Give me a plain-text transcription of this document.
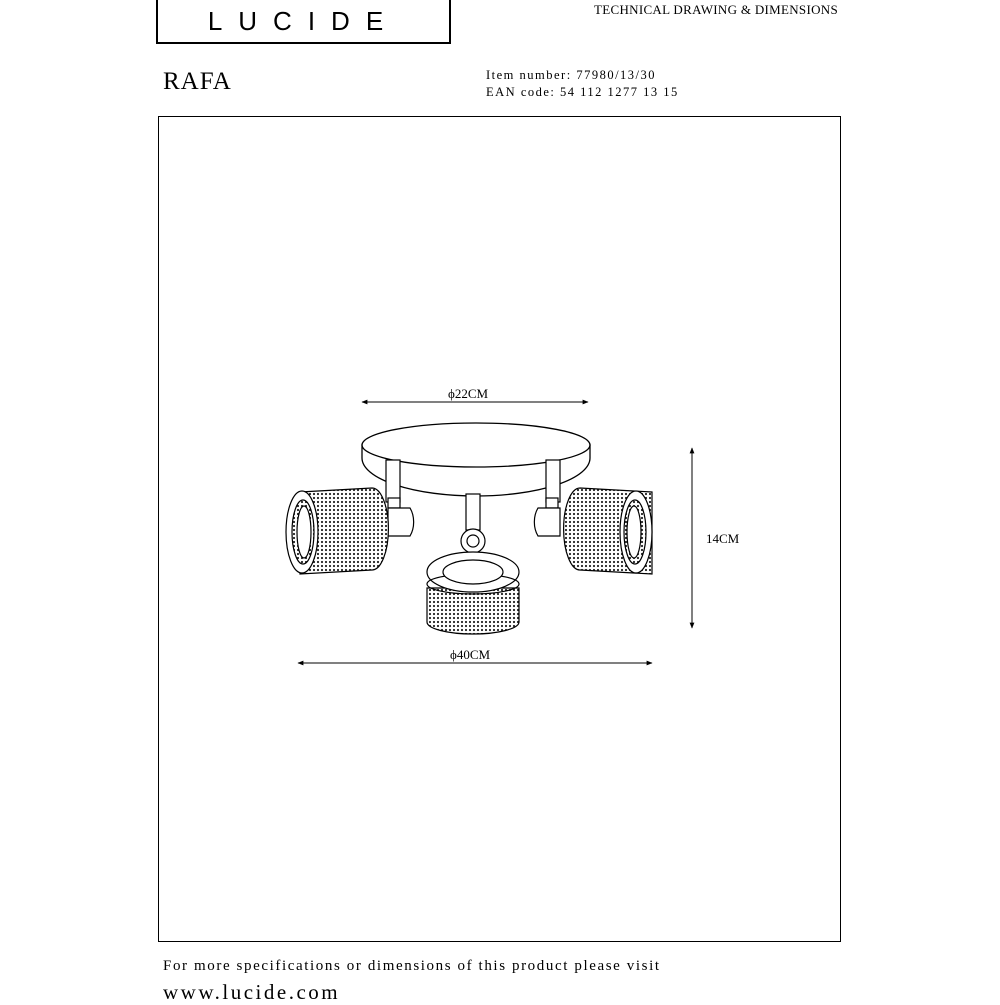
LUCIDE	TECHNICAL DRAWING & DIMENSIONS
RAFA	Item number: 77980/13/30
EAN code: 54 112 1277 13 15
ϕ22CM
14CM
ϕ40CM
For more specifications or dimensions of this product please visit
www.lucide.com
